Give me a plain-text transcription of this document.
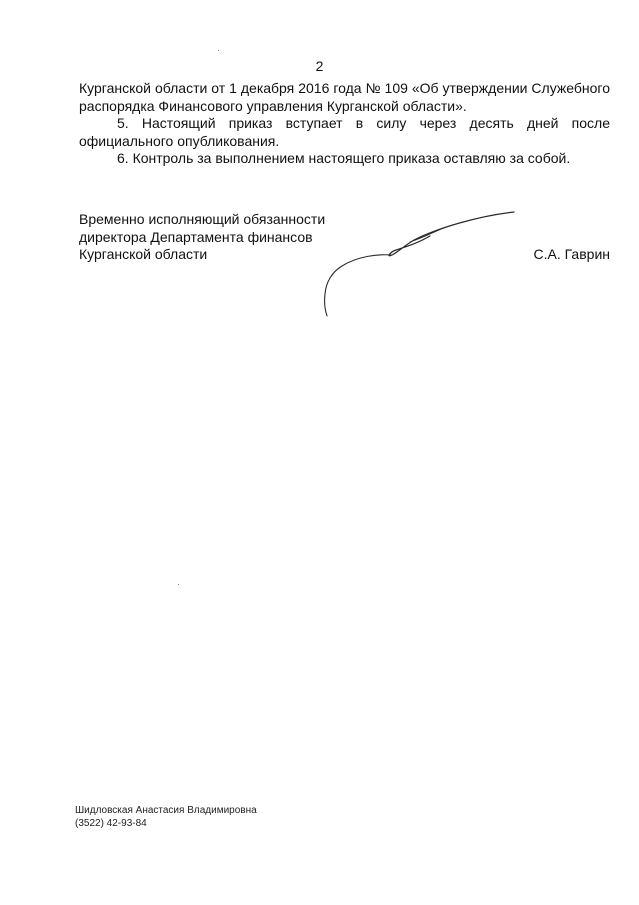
2

Курганской области от 1 декабря 2016 года № 109 «Об утверждении Служебного распорядка Финансового управления Курганской области».

5. Настоящий приказ вступает в силу через десять дней после официального опубликования.

6. Контроль за выполнением настоящего приказа оставляю за собой.

Временно исполняющий обязанности
директора Департамента финансов
Курганской области	С.А. Гаврин
Шидловская Анастасия Владимировна
(3522) 42-93-84
